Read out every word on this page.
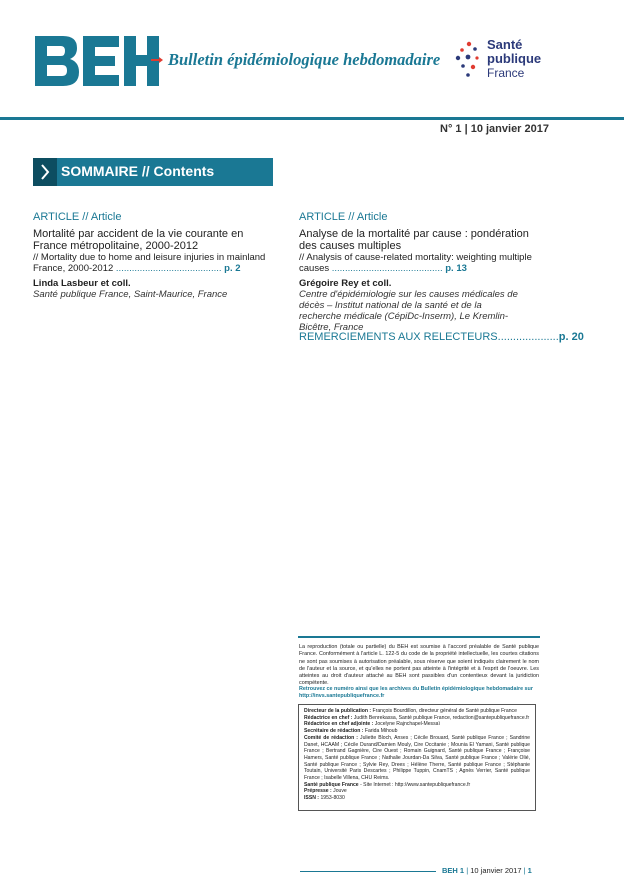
Bulletin épidémiologique hebdomadaire
Santé
publique
France
N° 1 | 10 janvier 2017
SOMMAIRE // Contents
ARTICLE // Article
Mortalité par accident de la vie courante en France métropolitaine, 2000-2012
// Mortality due to home and leisure injuries in mainland France, 2000-2012 ........................................ p. 2
Linda Lasbeur et coll.
Santé publique France, Saint-Maurice, France
ARTICLE // Article
Analyse de la mortalité par cause : pondération des causes multiples
// Analysis of cause-related mortality: weighting multiple causes .......................................... p. 13
Grégoire Rey et coll.
Centre d'épidémiologie sur les causes médicales de décès – Institut national de la santé et de la recherche médicale (CépiDc-Inserm), Le Kremlin-Bicêtre, France
REMERCIEMENTS AUX RELECTEURS....................p. 20
La reproduction (totale ou partielle) du BEH est soumise à l'accord préalable de Santé publique France. Conformément à l'article L. 122-5 du code de la propriété intellectuelle, les courtes citations ne sont pas soumises à autorisation préalable, sous réserve que soient indiqués clairement le nom de l'auteur et la source, et qu'elles ne portent pas atteinte à l'intégrité et à l'esprit de l'oeuvre. Les atteintes au droit d'auteur attaché au BEH sont passibles d'un contentieux devant la juridiction compétente.
Retrouvez ce numéro ainsi que les archives du Bulletin épidémiologique hebdomadaire sur http://invs.santepubliquefrance.fr
Directeur de la publication : François Bourdillon, directeur général de Santé publique France
Rédactrice en chef : Judith Benrekassa, Santé publique France, redaction@santepubliquefrance.fr
Rédactrice en chef adjointe : Jocelyne Rajnchapel-Messaï
Secrétaire de rédaction : Farida Mihoub
Comité de rédaction : Juliette Bloch, Anses ; Cécile Brouard, Santé publique France ; Sandrine Danet, HCAAM ; Cécile Durand/Damien Mouly, Cire Occitanie ; Mounia El Yamani, Santé publique France ; Bertrand Gagnière, Cire Ouest ; Romain Guignard, Santé publique France ; Françoise Hamers, Santé publique France ; Nathalie Jourdan-Da Silva, Santé publique France ; Valérie Olié, Santé publique France ; Sylvie Rey, Drees ; Hélène Therre, Santé publique France ; Stéphanie Toutain, Université Paris Descartes ; Philippe Tuppin, CnamTS ; Agnès Verrier, Santé publique France ; Isabelle Villena, CHU Reims.
Santé publique France - Site Internet : http://www.santepubliquefrance.fr
Prépresse : Jouve
ISSN : 1953-8030
BEH 1 | 10 janvier 2017 | 1
